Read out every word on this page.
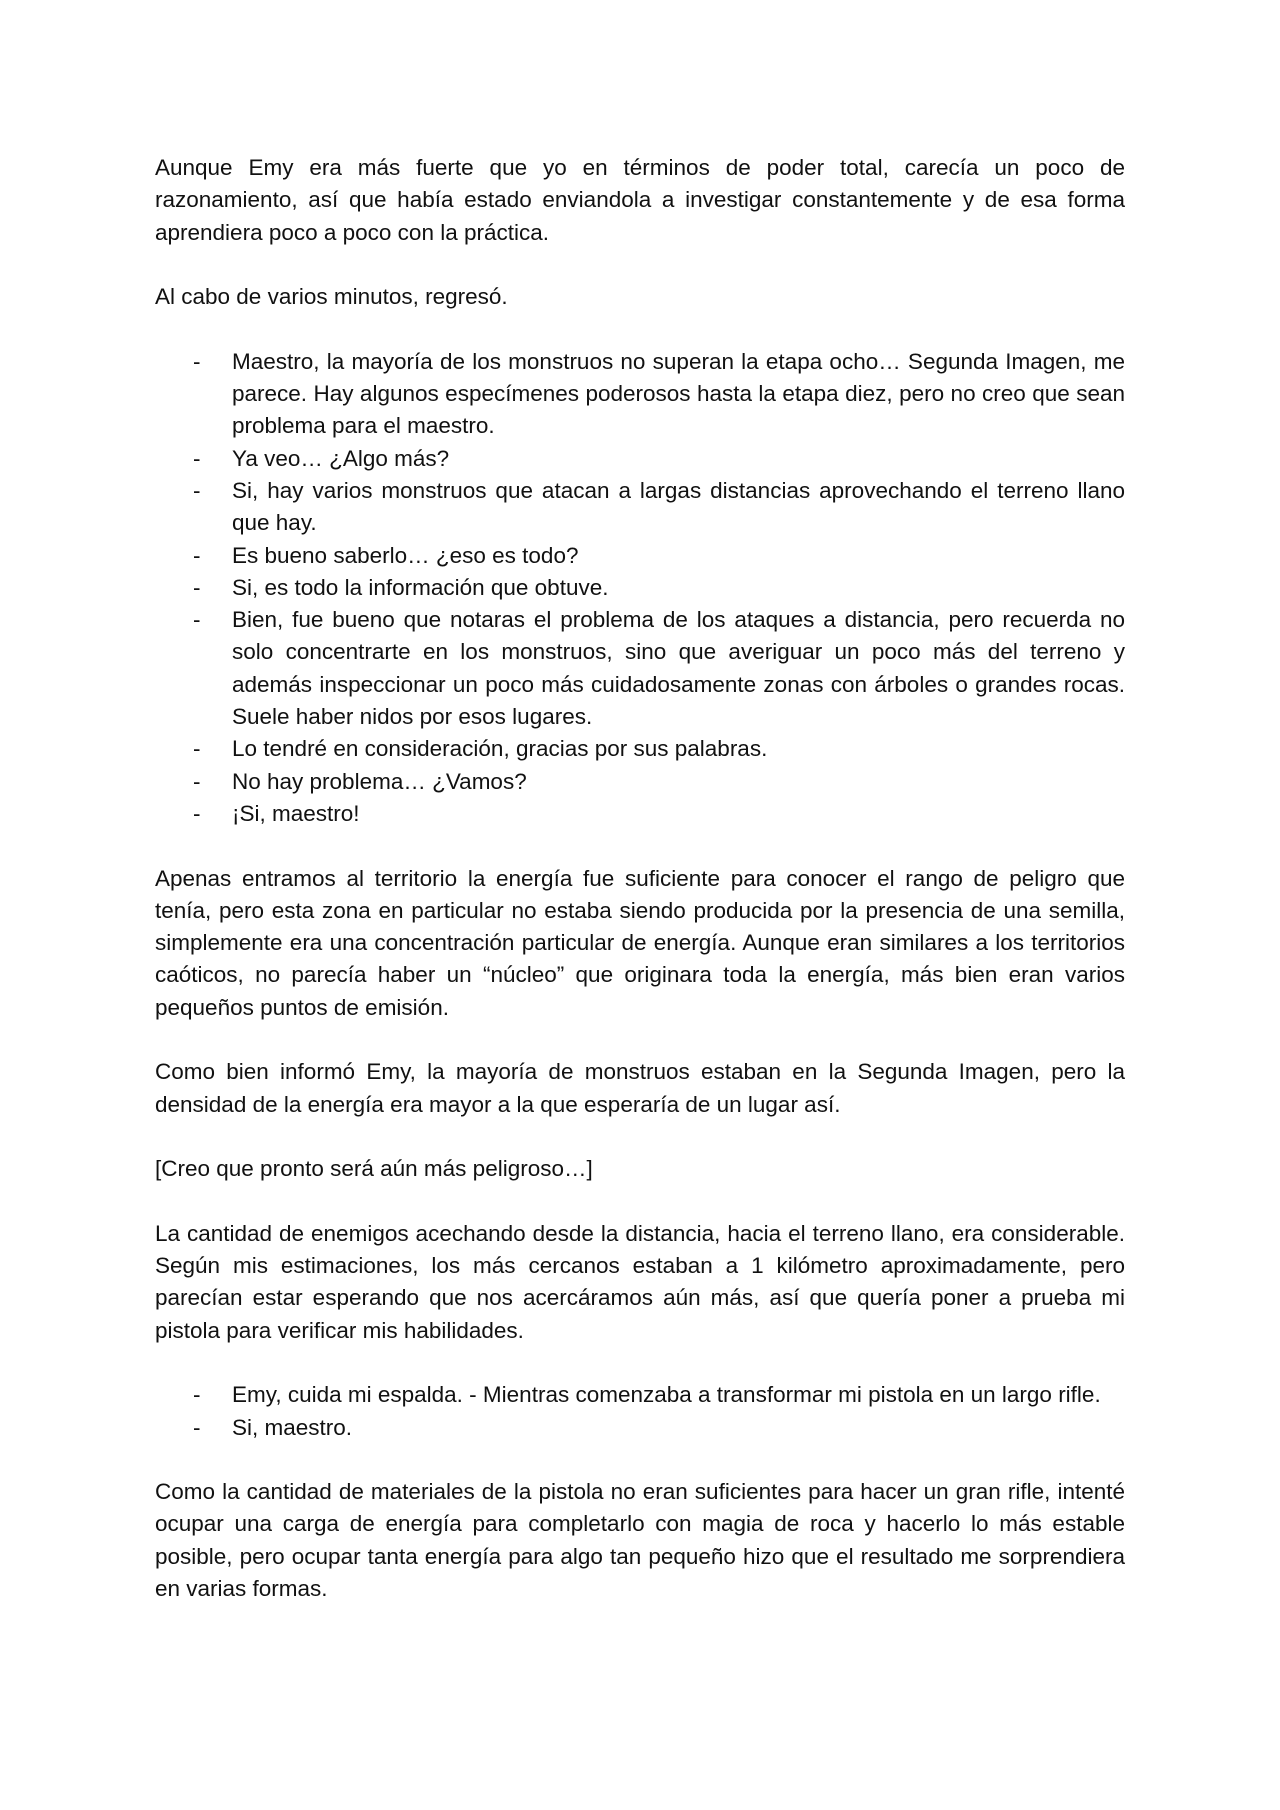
Aunque Emy era más fuerte que yo en términos de poder total, carecía un poco de razonamiento, así que había estado enviandola a investigar constantemente y de esa forma aprendiera poco a poco con la práctica.

Al cabo de varios minutos, regresó.

- Maestro, la mayoría de los monstruos no superan la etapa ocho… Segunda Imagen, me parece. Hay algunos especímenes poderosos hasta la etapa diez, pero no creo que sean problema para el maestro.
- Ya veo… ¿Algo más?
- Si, hay varios monstruos que atacan a largas distancias aprovechando el terreno llano que hay.
- Es bueno saberlo… ¿eso es todo?
- Si, es todo la información que obtuve.
- Bien, fue bueno que notaras el problema de los ataques a distancia, pero recuerda no solo concentrarte en los monstruos, sino que averiguar un poco más del terreno y además inspeccionar un poco más cuidadosamente zonas con árboles o grandes rocas. Suele haber nidos por esos lugares.
- Lo tendré en consideración, gracias por sus palabras.
- No hay problema… ¿Vamos?
- ¡Si, maestro!

Apenas entramos al territorio la energía fue suficiente para conocer el rango de peligro que tenía, pero esta zona en particular no estaba siendo producida por la presencia de una semilla, simplemente era una concentración particular de energía. Aunque eran similares a los territorios caóticos, no parecía haber un “núcleo” que originara toda la energía, más bien eran varios pequeños puntos de emisión.

Como bien informó Emy, la mayoría de monstruos estaban en la Segunda Imagen, pero la densidad de la energía era mayor a la que esperaría de un lugar así.

[Creo que pronto será aún más peligroso…]

La cantidad de enemigos acechando desde la distancia, hacia el terreno llano, era considerable. Según mis estimaciones, los más cercanos estaban a 1 kilómetro aproximadamente, pero parecían estar esperando que nos acercáramos aún más, así que quería poner a prueba mi pistola para verificar mis habilidades.

- Emy, cuida mi espalda. - Mientras comenzaba a transformar mi pistola en un largo rifle.
- Si, maestro.

Como la cantidad de materiales de la pistola no eran suficientes para hacer un gran rifle, intenté ocupar una carga de energía para completarlo con magia de roca y hacerlo lo más estable posible, pero ocupar tanta energía para algo tan pequeño hizo que el resultado me sorprendiera en varias formas.
